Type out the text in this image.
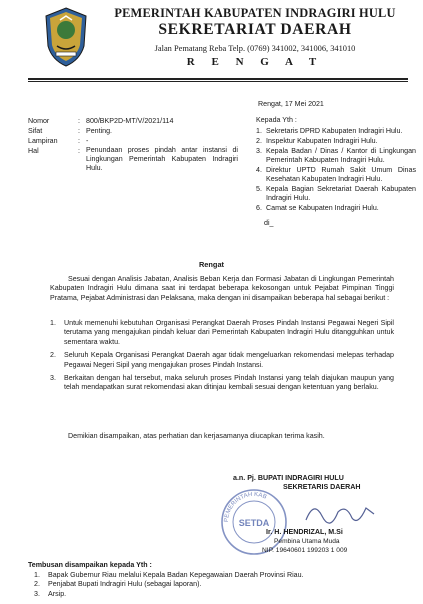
PEMERINTAH KABUPATEN INDRAGIRI HULU
SEKRETARIAT DAERAH
Jalan Pematang Reba Telp. (0769) 341002, 341006, 341010
R E N G A T
Rengat, 17 Mei 2021
Nomor	: 800/BKP2D-MT/V/2021/114
Sifat	: Penting.
Lampiran	: -
Hal	: Penundaan proses pindah antar instansi di Lingkungan Pemerintah Kabupaten Indragiri Hulu.
Kepada Yth :
1. Sekretaris DPRD Kabupaten Indragiri Hulu.
2. Inspektur Kabupaten Indragiri Hulu.
3. Kepala Badan / Dinas / Kantor di Lingkungan Pemerintah Kabupaten Indragiri Hulu.
4. Direktur UPTD Rumah Sakit Umum Dinas Kesehatan Kabupaten Indragiri Hulu.
5. Kepala Bagian Sekretariat Daerah Kabupaten Indragiri Hulu.
6. Camat se Kabupaten Indragiri Hulu.
di_
Rengat
Sesuai dengan Analisis Jabatan, Analisis Beban Kerja dan Formasi Jabatan di Lingkungan Pemerintah Kabupaten Indragiri Hulu dimana saat ini terdapat beberapa kekosongan untuk Pejabat Pimpinan Tinggi Pratama, Pejabat Administrasi dan Pelaksana, maka dengan ini disampaikan beberapa hal sebagai berikut :
1.	Untuk memenuhi kebutuhan Organisasi Perangkat Daerah Proses Pindah Instansi Pegawai Negeri Sipil terutama yang mengajukan pindah keluar dari Pemerintah Kabupaten Indragiri Hulu ditangguhkan untuk sementara waktu.
2.	Seluruh Kepala Organisasi Perangkat Daerah agar tidak mengeluarkan rekomendasi melepas terhadap Pegawai Negeri Sipil yang mengajukan proses Pindah Instansi.
3.	Berkaitan dengan hal tersebut, maka seluruh proses Pindah Instansi yang telah diajukan maupun yang telah mendapatkan surat rekomendasi akan ditinjau kembali sesuai dengan ketentuan yang berlaku.
Demikian disampaikan, atas perhatian dan kerjasamanya diucapkan terima kasih.
a.n. Pj. BUPATI INDRAGIRI HULU
SEKRETARIS DAERAH
PEMERINTAH KAB
SETDA
Ir. H. HENDRIZAL, M.Si
Pembina Utama Muda
NIP. 19640601 199203 1 009
Tembusan disampaikan kepada Yth :
1.	Bapak Gubernur Riau melalui Kepala Badan Kepegawaian Daerah Provinsi Riau.
2.	Penjabat Bupati Indragiri Hulu (sebagai laporan).
3.	Arsip.
